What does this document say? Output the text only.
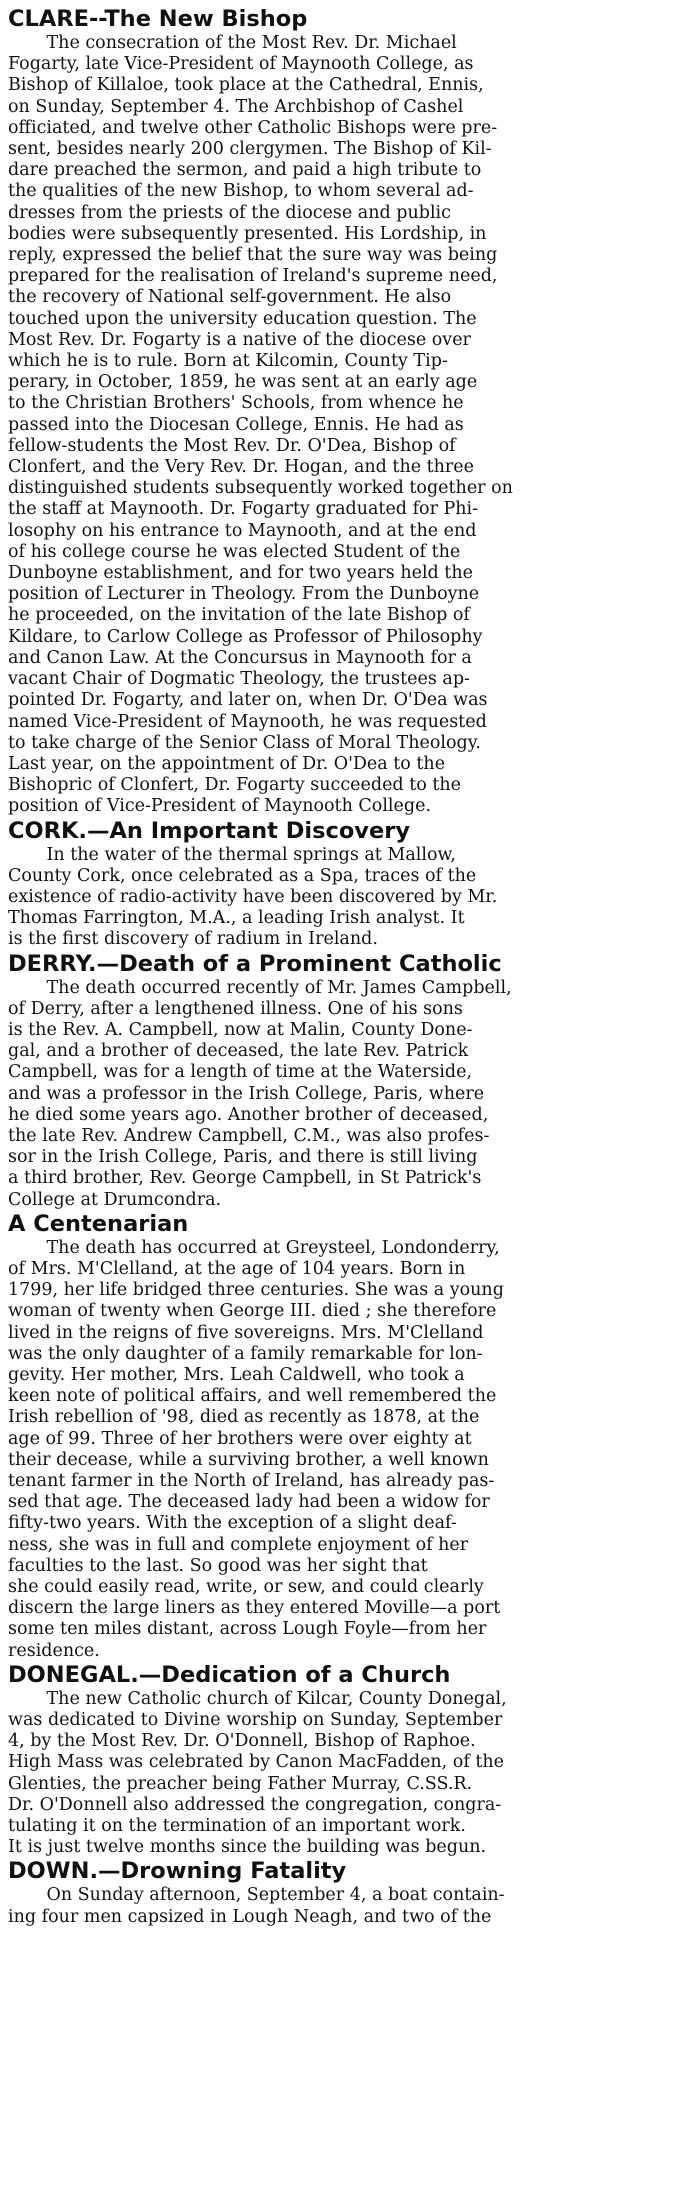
CLARE--The New Bishop

The consecration of the Most Rev. Dr. Michael
Fogarty, late Vice-President of Maynooth College, as
Bishop of Killaloe, took place at the Cathedral, Ennis,
on Sunday, September 4. The Archbishop of Cashel
officiated, and twelve other Catholic Bishops were pre-
sent, besides nearly 200 clergymen. The Bishop of Kil-
dare preached the sermon, and paid a high tribute to
the qualities of the new Bishop, to whom several ad-
dresses from the priests of the diocese and public
bodies were subsequently presented. His Lordship, in
reply, expressed the belief that the sure way was being
prepared for the realisation of Ireland's supreme need,
the recovery of National self-government. He also
touched upon the university education question. The
Most Rev. Dr. Fogarty is a native of the diocese over
which he is to rule. Born at Kilcomin, County Tip-
perary, in October, 1859, he was sent at an early age
to the Christian Brothers' Schools, from whence he
passed into the Diocesan College, Ennis. He had as
fellow-students the Most Rev. Dr. O'Dea, Bishop of
Clonfert, and the Very Rev. Dr. Hogan, and the three
distinguished students subsequently worked together on
the staff at Maynooth. Dr. Fogarty graduated for Phi-
losophy on his entrance to Maynooth, and at the end
of his college course he was elected Student of the
Dunboyne establishment, and for two years held the
position of Lecturer in Theology. From the Dunboyne
he proceeded, on the invitation of the late Bishop of
Kildare, to Carlow College as Professor of Philosophy
and Canon Law. At the Concursus in Maynooth for a
vacant Chair of Dogmatic Theology, the trustees ap-
pointed Dr. Fogarty, and later on, when Dr. O'Dea was
named Vice-President of Maynooth, he was requested
to take charge of the Senior Class of Moral Theology.
Last year, on the appointment of Dr. O'Dea to the
Bishopric of Clonfert, Dr. Fogarty succeeded to the
position of Vice-President of Maynooth College.

CORK.—An Important Discovery

In the water of the thermal springs at Mallow,
County Cork, once celebrated as a Spa, traces of the
existence of radio-activity have been discovered by Mr.
Thomas Farrington, M.A., a leading Irish analyst. It
is the first discovery of radium in Ireland.

DERRY.—Death of a Prominent Catholic

The death occurred recently of Mr. James Campbell,
of Derry, after a lengthened illness. One of his sons
is the Rev. A. Campbell, now at Malin, County Done-
gal, and a brother of deceased, the late Rev. Patrick
Campbell, was for a length of time at the Waterside,
and was a professor in the Irish College, Paris, where
he died some years ago. Another brother of deceased,
the late Rev. Andrew Campbell, C.M., was also profes-
sor in the Irish College, Paris, and there is still living
a third brother, Rev. George Campbell, in St Patrick's
College at Drumcondra.

A Centenarian

The death has occurred at Greysteel, Londonderry,
of Mrs. M'Clelland, at the age of 104 years. Born in
1799, her life bridged three centuries. She was a young
woman of twenty when George III. died ; she therefore
lived in the reigns of five sovereigns. Mrs. M'Clelland
was the only daughter of a family remarkable for lon-
gevity. Her mother, Mrs. Leah Caldwell, who took a
keen note of political affairs, and well remembered the
Irish rebellion of '98, died as recently as 1878, at the
age of 99. Three of her brothers were over eighty at
their decease, while a surviving brother, a well known
tenant farmer in the North of Ireland, has already pas-
sed that age. The deceased lady had been a widow for
fifty-two years. With the exception of a slight deaf-
ness, she was in full and complete enjoyment of her
faculties to the last. So good was her sight that
she could easily read, write, or sew, and could clearly
discern the large liners as they entered Moville—a port
some ten miles distant, across Lough Foyle—from her
residence.

DONEGAL.—Dedication of a Church

The new Catholic church of Kilcar, County Donegal,
was dedicated to Divine worship on Sunday, September
4, by the Most Rev. Dr. O'Donnell, Bishop of Raphoe.
High Mass was celebrated by Canon MacFadden, of the
Glenties, the preacher being Father Murray, C.SS.R.
Dr. O'Donnell also addressed the congregation, congra-
tulating it on the termination of an important work.
It is just twelve months since the building was begun.

DOWN.—Drowning Fatality

On Sunday afternoon, September 4, a boat contain-
ing four men capsized in Lough Neagh, and two of the
